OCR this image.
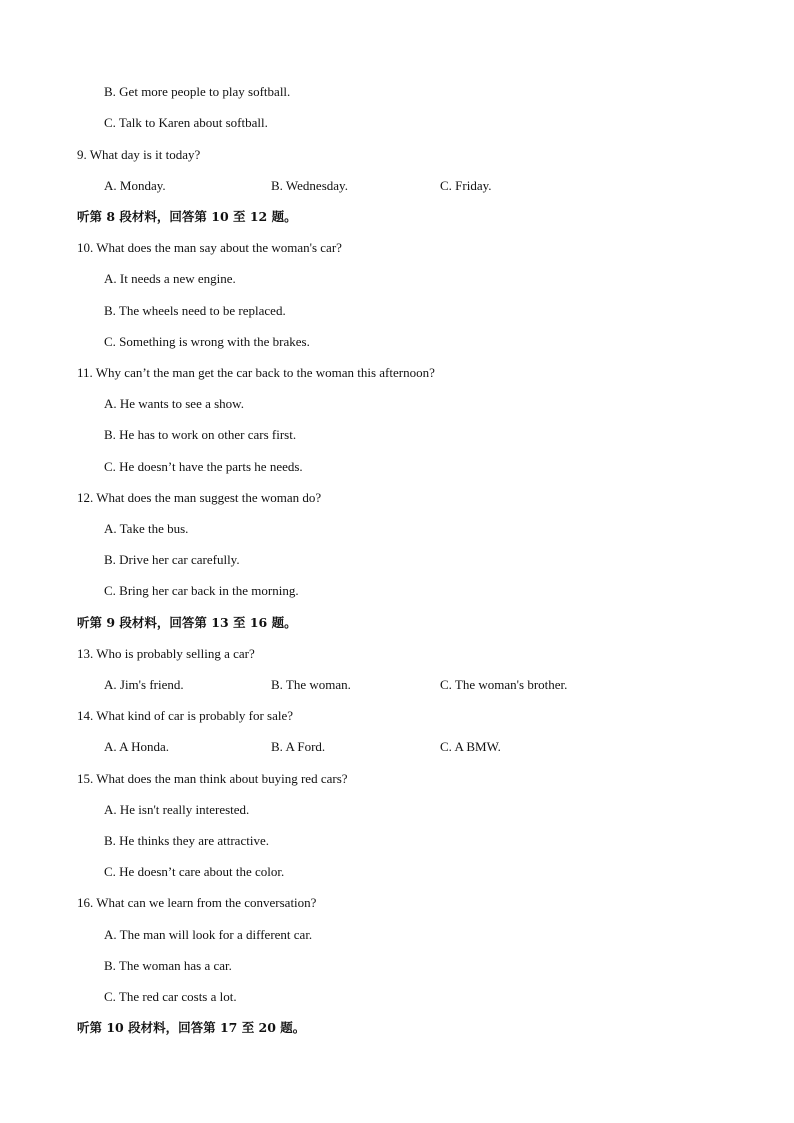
B. Get more people to play softball.
C. Talk to Karen about softball.
9. What day is it today?
A. Monday.	B. Wednesday.	C. Friday.
听第 8 段材料，回答第 10 至 12 题。
10. What does the man say about the woman's car?
A. It needs a new engine.
B. The wheels need to be replaced.
C. Something is wrong with the brakes.
11. Why can’t the man get the car back to the woman this afternoon?
A. He wants to see a show.
B. He has to work on other cars first.
C. He doesn’t have the parts he needs.
12. What does the man suggest the woman do?
A. Take the bus.
B. Drive her car carefully.
C. Bring her car back in the morning.
听第 9 段材料，回答第 13 至 16 题。
13. Who is probably selling a car?
A. Jim's friend.	B. The woman.	C. The woman's brother.
14. What kind of car is probably for sale?
A. A Honda.	B. A Ford.	C. A BMW.
15. What does the man think about buying red cars?
A. He isn't really interested.
B. He thinks they are attractive.
C. He doesn’t care about the color.
16. What can we learn from the conversation?
A. The man will look for a different car.
B. The woman has a car.
C. The red car costs a lot.
听第 10 段材料，回答第 17 至 20 题。
